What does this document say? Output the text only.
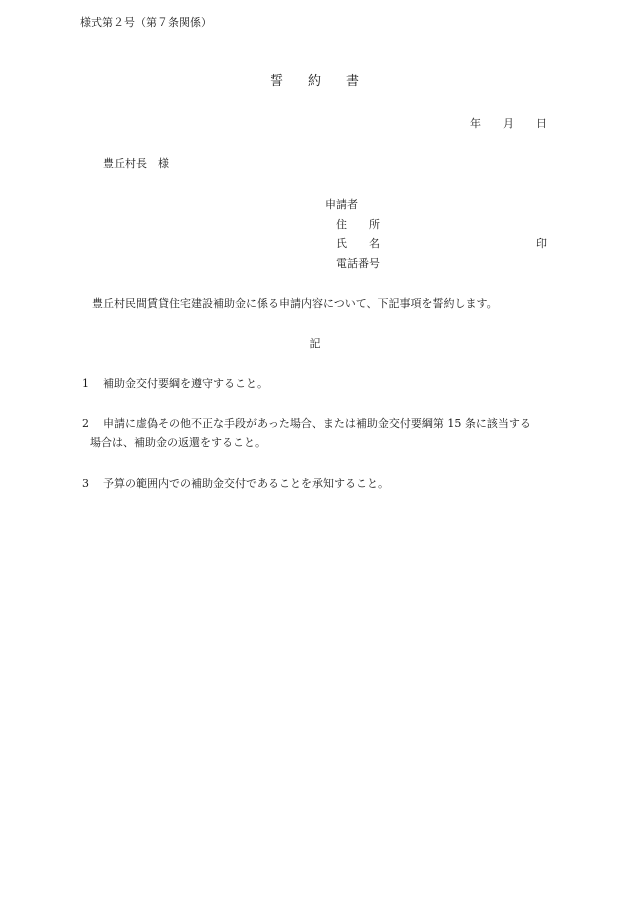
様式第２号（第７条関係）
誓 約 書
年 月 日
豊丘村長　様
申請者
住　　所
氏　　名	印
電話番号
豊丘村民間賃貸住宅建設補助金に係る申請内容について、下記事項を誓約します。
記
1 補助金交付要綱を遵守すること。
2 申請に虚偽その他不正な手段があった場合、または補助金交付要綱第 15 条に該当する
場合は、補助金の返還をすること。
3 予算の範囲内での補助金交付であることを承知すること。
